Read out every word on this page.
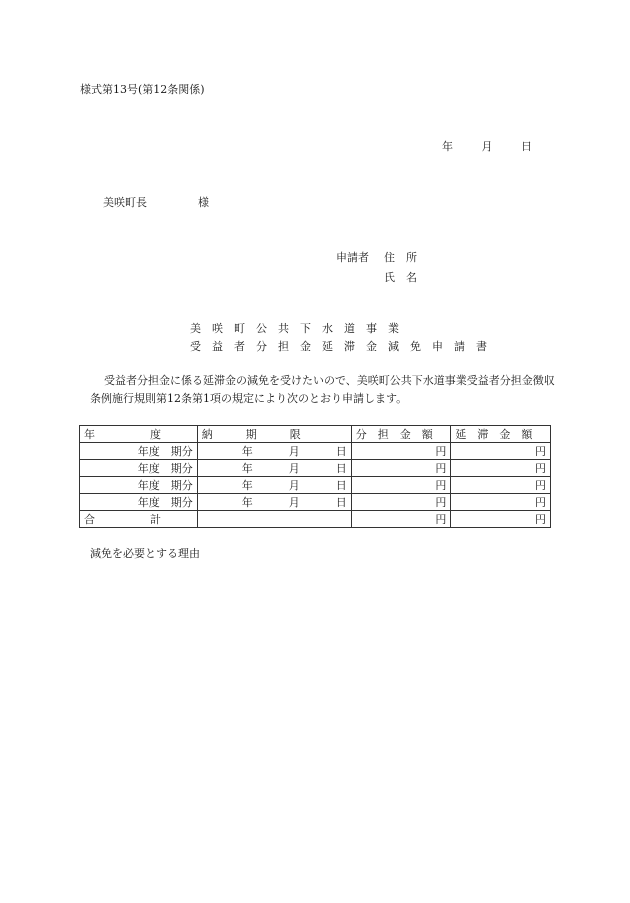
様式第13号(第12条関係)
年	月	日
美咲町長	様
申請者	住　所
氏　名
美咲町公共下水道事業
受益者分担金延滞金減免申請書
受益者分担金に係る延滞金の減免を受けたいので、美咲町公共下水道事業受益者分担金徴収条例施行規則第12条第1項の規定により次のとおり申請します。
年　　　　　度	納　　　期　　　限	分　担　金　額	延　滞　金　額
年度　期分	年 月 日	円	円
年度　期分	年 月 日	円	円
年度　期分	年 月 日	円	円
年度　期分	年 月 日	円	円
合　　　　　計		円	円
減免を必要とする理由
